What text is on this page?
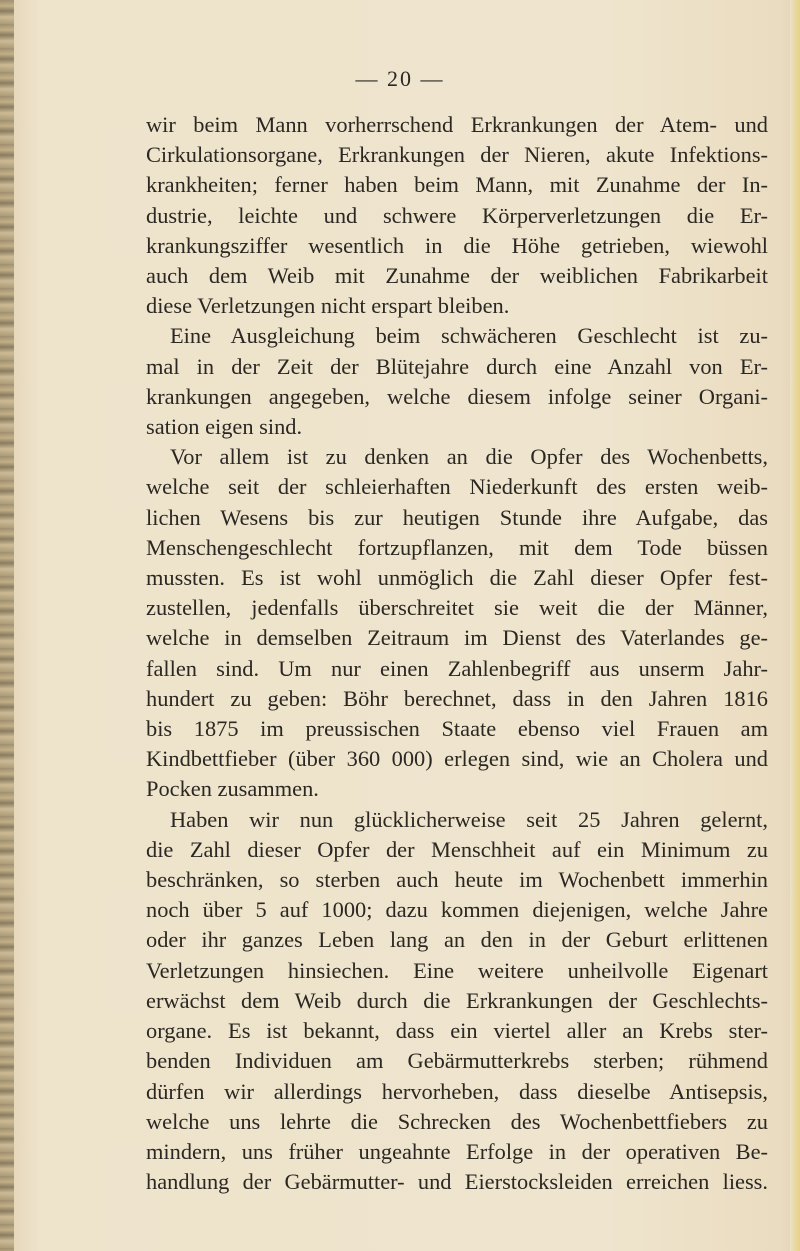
— 20 —

wir beim Mann vorherrschend Erkrankungen der Atem- und
Cirkulationsorgane, Erkrankungen der Nieren, akute Infektions-
krankheiten; ferner haben beim Mann, mit Zunahme der In-
dustrie, leichte und schwere Körperverletzungen die Er-
krankungsziffer wesentlich in die Höhe getrieben, wiewohl
auch dem Weib mit Zunahme der weiblichen Fabrikarbeit
diese Verletzungen nicht erspart bleiben.

Eine Ausgleichung beim schwächeren Geschlecht ist zu-
mal in der Zeit der Blütejahre durch eine Anzahl von Er-
krankungen angegeben, welche diesem infolge seiner Organi-
sation eigen sind.

Vor allem ist zu denken an die Opfer des Wochenbetts,
welche seit der schleierhaften Niederkunft des ersten weib-
lichen Wesens bis zur heutigen Stunde ihre Aufgabe, das
Menschengeschlecht fortzupflanzen, mit dem Tode büssen
mussten. Es ist wohl unmöglich die Zahl dieser Opfer fest-
zustellen, jedenfalls überschreitet sie weit die der Männer,
welche in demselben Zeitraum im Dienst des Vaterlandes ge-
fallen sind. Um nur einen Zahlenbegriff aus unserm Jahr-
hundert zu geben: Böhr berechnet, dass in den Jahren 1816
bis 1875 im preussischen Staate ebenso viel Frauen am
Kindbettfieber (über 360 000) erlegen sind, wie an Cholera und
Pocken zusammen.

Haben wir nun glücklicherweise seit 25 Jahren gelernt,
die Zahl dieser Opfer der Menschheit auf ein Minimum zu
beschränken, so sterben auch heute im Wochenbett immerhin
noch über 5 auf 1000; dazu kommen diejenigen, welche Jahre
oder ihr ganzes Leben lang an den in der Geburt erlittenen
Verletzungen hinsiechen. Eine weitere unheilvolle Eigenart
erwächst dem Weib durch die Erkrankungen der Geschlechts-
organe. Es ist bekannt, dass ein viertel aller an Krebs ster-
benden Individuen am Gebärmutterkrebs sterben; rühmend
dürfen wir allerdings hervorheben, dass dieselbe Antisepsis,
welche uns lehrte die Schrecken des Wochenbettfiebers zu
mindern, uns früher ungeahnte Erfolge in der operativen Be-
handlung der Gebärmutter- und Eierstocksleiden erreichen liess.
